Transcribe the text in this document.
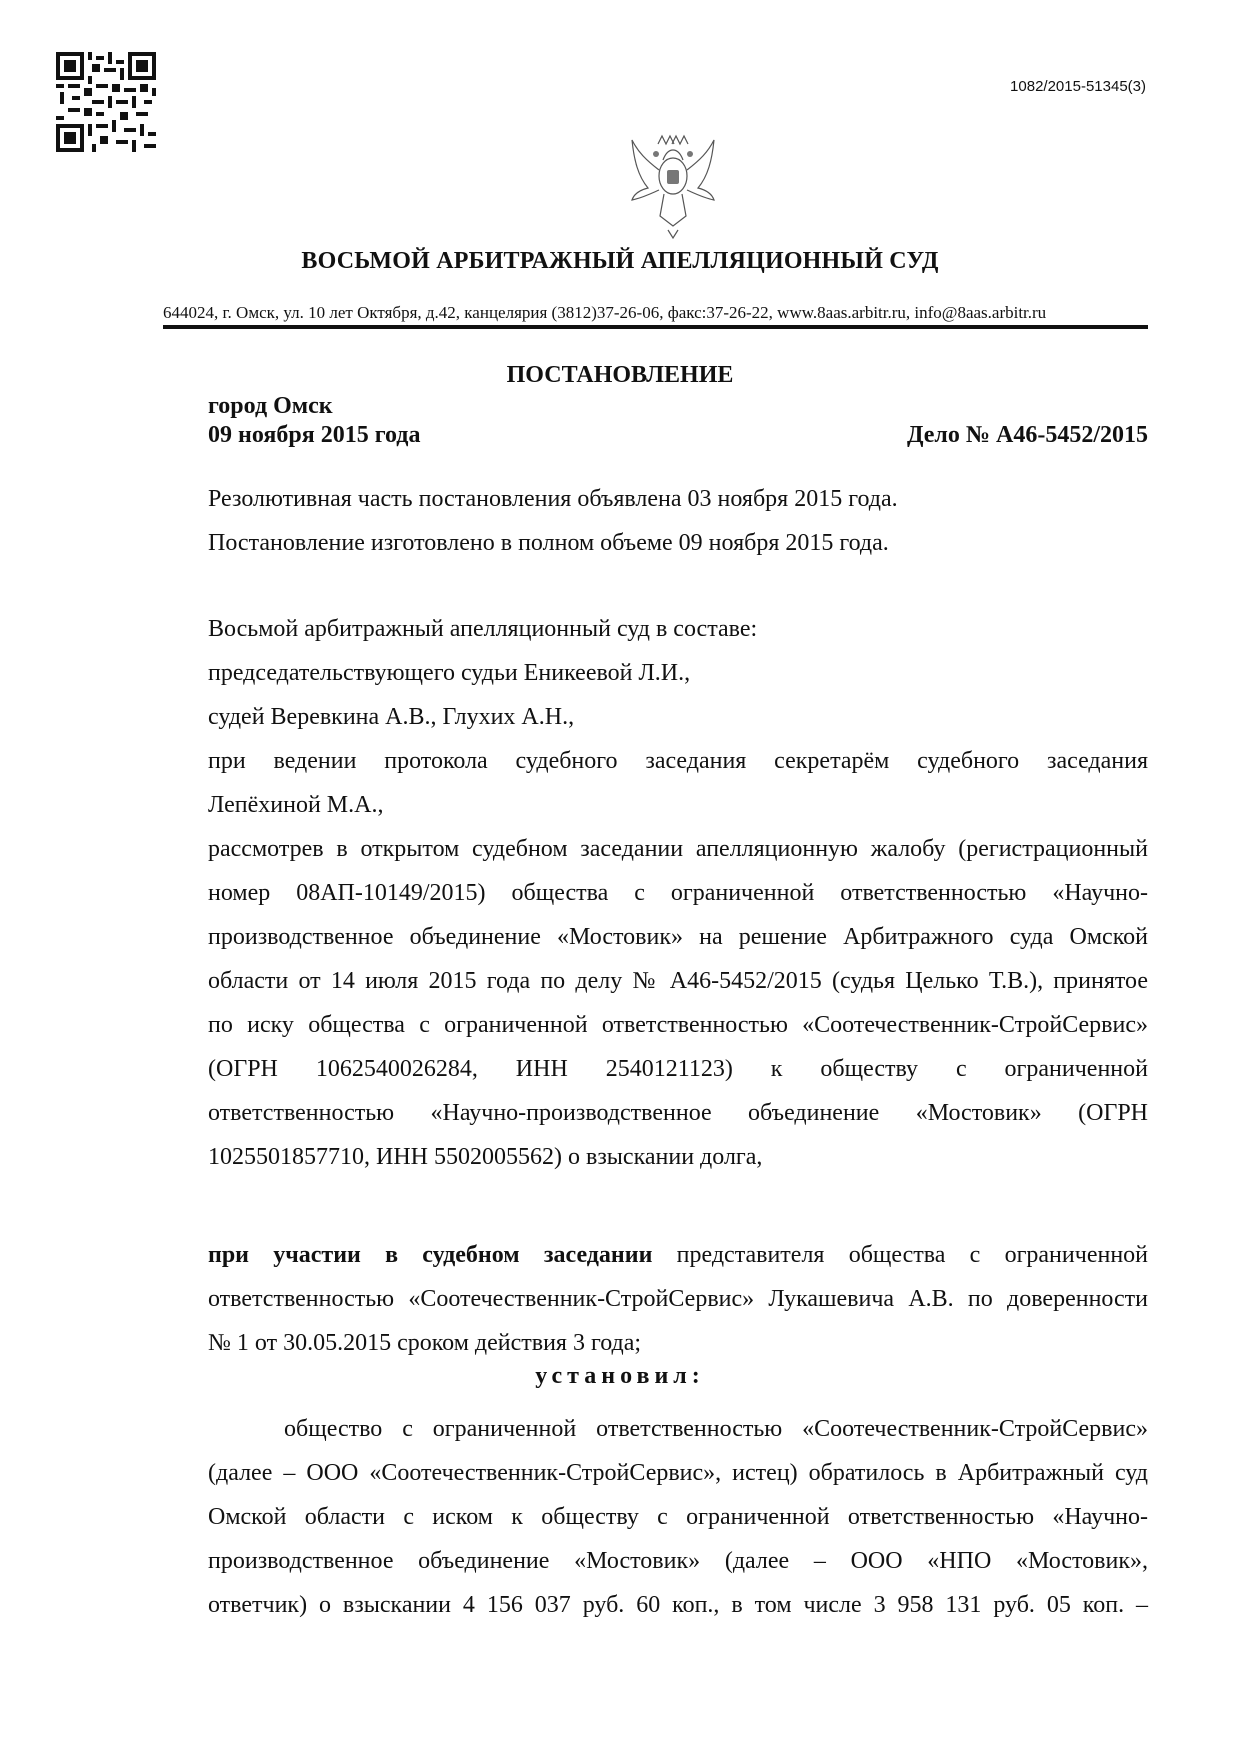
1082/2015-51345(3)
ВОСЬМОЙ АРБИТРАЖНЫЙ АПЕЛЛЯЦИОННЫЙ СУД
644024, г. Омск, ул. 10 лет Октября, д.42, канцелярия (3812)37-26-06, факс:37-26-22, www.8aas.arbitr.ru, info@8aas.arbitr.ru
ПОСТАНОВЛЕНИЕ
город Омск
09 ноября 2015 года	Дело № А46-5452/2015
Резолютивная часть постановления объявлена 03 ноября 2015 года.
Постановление изготовлено в полном объеме 09 ноября 2015 года.
Восьмой арбитражный апелляционный суд в составе:
председательствующего судьи Еникеевой Л.И.,
судей Веревкина А.В., Глухих А.Н.,
при ведении протокола судебного заседания секретарём судебного заседания
Лепёхиной М.А.,
рассмотрев в открытом судебном заседании апелляционную жалобу (регистрационный
номер 08АП-10149/2015) общества с ограниченной ответственностью «Научно-
производственное объединение «Мостовик» на решение Арбитражного суда Омской
области от 14 июля 2015 года по делу № А46-5452/2015 (судья Целько Т.В.), принятое
по иску общества с ограниченной ответственностью «Соотечественник-СтройСервис»
(ОГРН 1062540026284, ИНН 2540121123) к обществу с ограниченной
ответственностью «Научно-производственное объединение «Мостовик» (ОГРН
1025501857710, ИНН 5502005562) о взыскании долга,
при участии в судебном заседании представителя общества с ограниченной
ответственностью «Соотечественник-СтройСервис» Лукашевича А.В. по доверенности
№ 1 от 30.05.2015 сроком действия 3 года;
установил:
общество с ограниченной ответственностью «Соотечественник-СтройСервис»
(далее – ООО «Соотечественник-СтройСервис», истец) обратилось в Арбитражный суд
Омской области с иском к обществу с ограниченной ответственностью «Научно-
производственное объединение «Мостовик» (далее – ООО «НПО «Мостовик»,
ответчик) о взыскании 4 156 037 руб. 60 коп., в том числе 3 958 131 руб. 05 коп. –
